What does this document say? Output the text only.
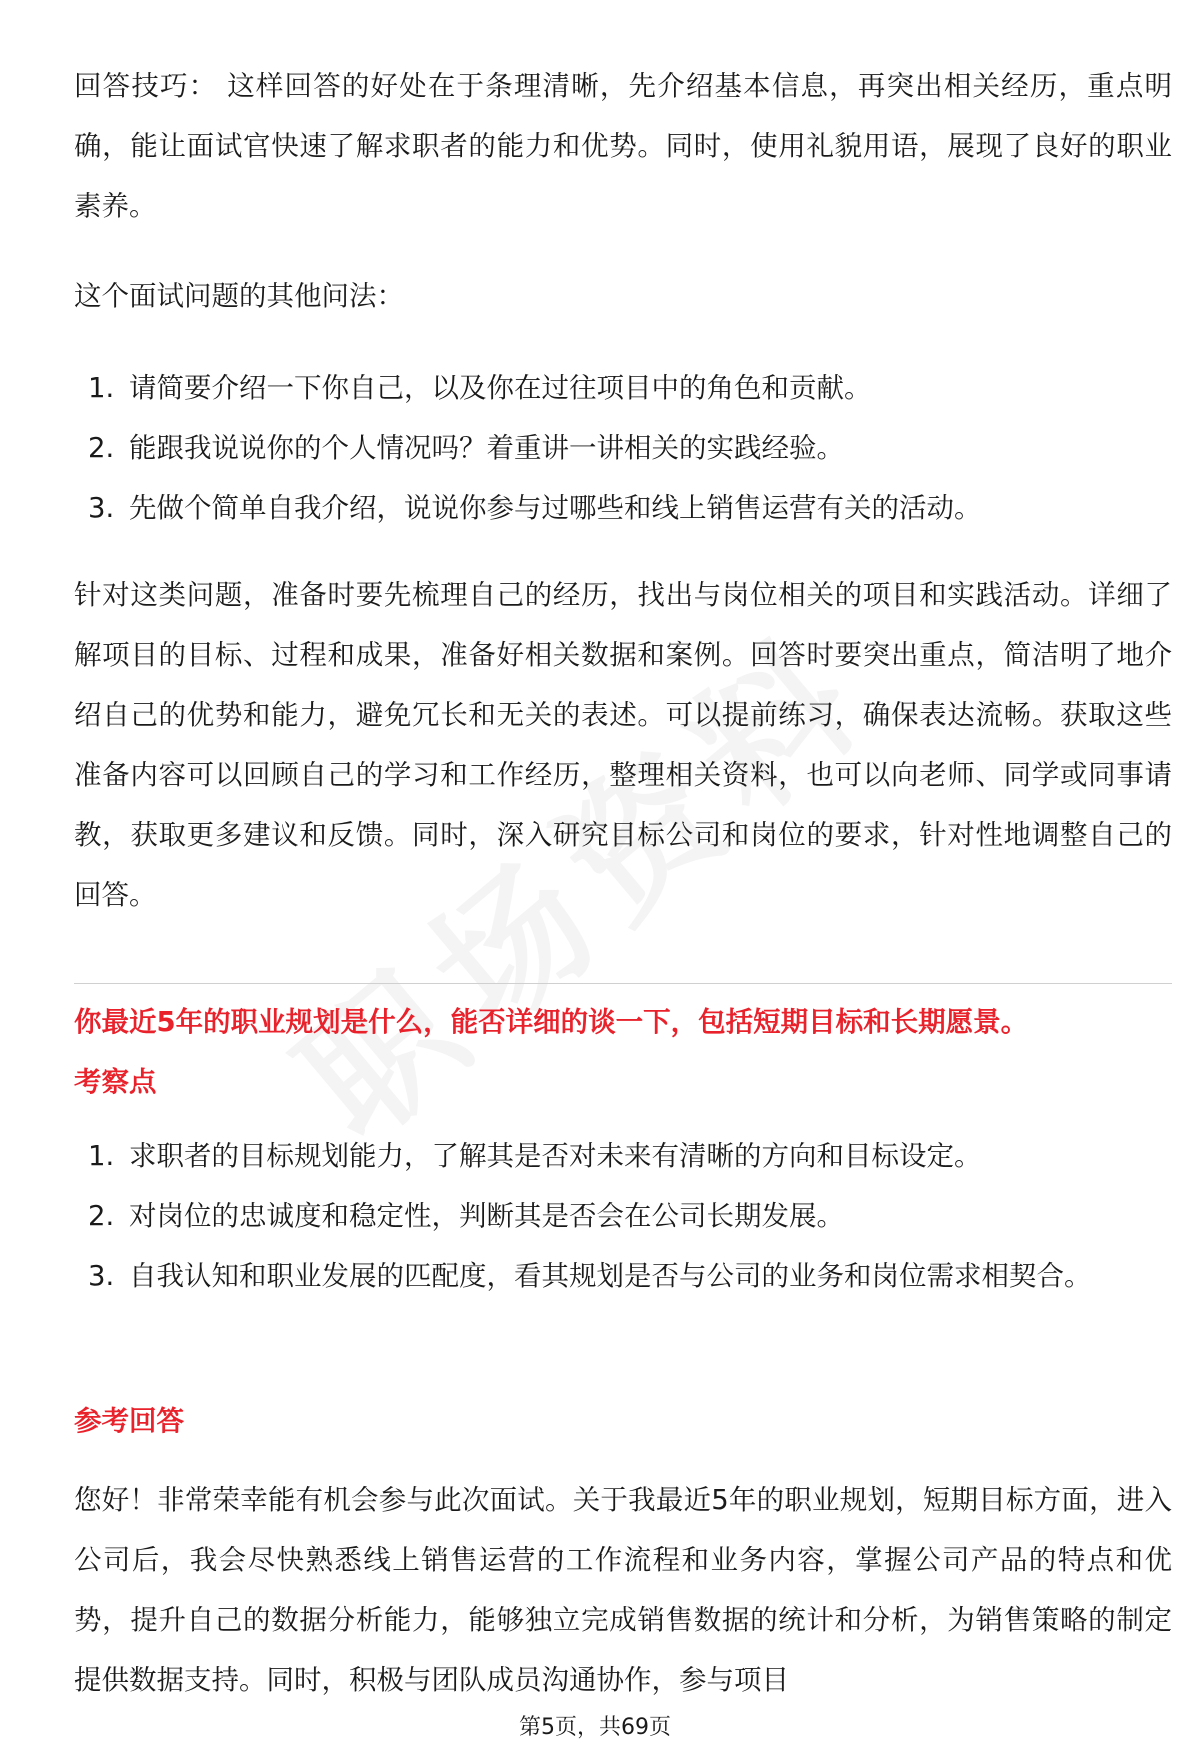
回答技巧： 这样回答的好处在于条理清晰，先介绍基本信息，再突出相关经历，重点明确，能让面试官快速了解求职者的能力和优势。同时，使用礼貌用语，展现了良好的职业素养。

这个面试问题的其他问法：

1. 请简要介绍一下你自己，以及你在过往项目中的角色和贡献。
2. 能跟我说说你的个人情况吗？着重讲一讲相关的实践经验。
3. 先做个简单自我介绍，说说你参与过哪些和线上销售运营有关的活动。

针对这类问题，准备时要先梳理自己的经历，找出与岗位相关的项目和实践活动。详细了解项目的目标、过程和成果，准备好相关数据和案例。回答时要突出重点，简洁明了地介绍自己的优势和能力，避免冗长和无关的表述。可以提前练习，确保表达流畅。获取这些准备内容可以回顾自己的学习和工作经历，整理相关资料，也可以向老师、同学或同事请教，获取更多建议和反馈。同时，深入研究目标公司和岗位的要求，针对性地调整自己的回答。

你最近5年的职业规划是什么，能否详细的谈一下，包括短期目标和长期愿景。

考察点

1. 求职者的目标规划能力，了解其是否对未来有清晰的方向和目标设定。
2. 对岗位的忠诚度和稳定性，判断其是否会在公司长期发展。
3. 自我认知和职业发展的匹配度，看其规划是否与公司的业务和岗位需求相契合。

参考回答

您好！非常荣幸能有机会参与此次面试。关于我最近5年的职业规划，短期目标方面，进入公司后，我会尽快熟悉线上销售运营的工作流程和业务内容，掌握公司产品的特点和优势，提升自己的数据分析能力，能够独立完成销售数据的统计和分析，为销售策略的制定提供数据支持。同时，积极与团队成员沟通协作，参与项目

第5页，共69页
